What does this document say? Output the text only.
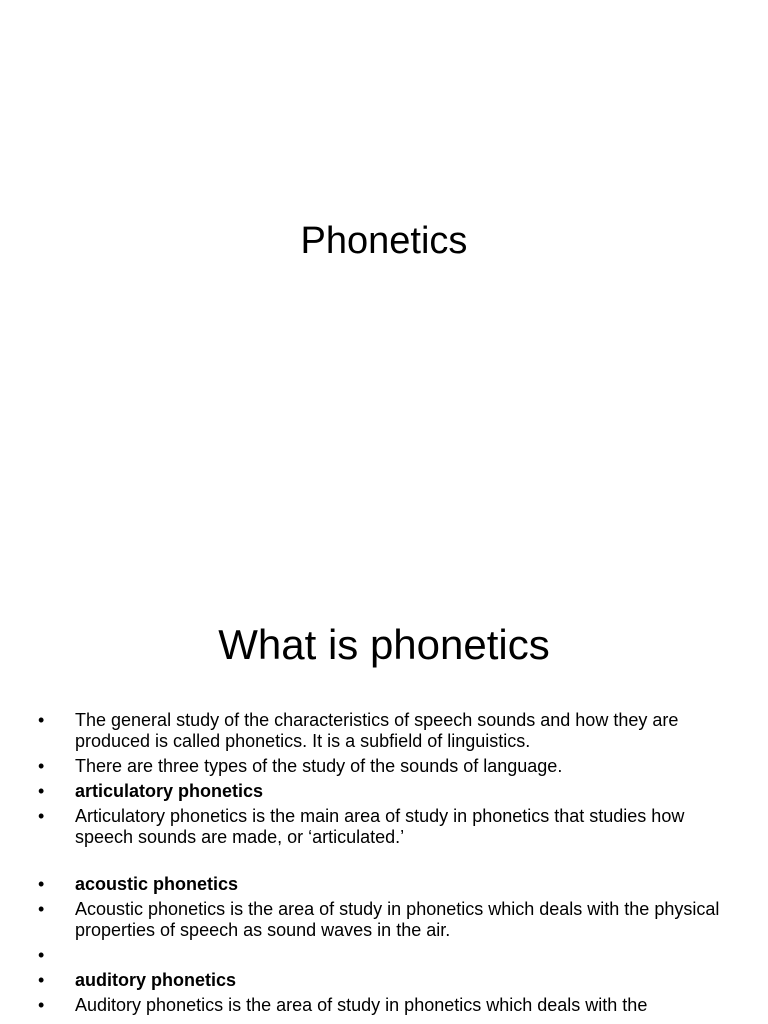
Phonetics
What is phonetics
•	The general study of the characteristics of speech sounds and how they are produced is called phonetics. It is a subfield of linguistics.
•	There are three types of the study of the sounds of language.
•	articulatory phonetics
•	Articulatory phonetics is the main area of study in phonetics that studies how speech sounds are made, or ‘articulated.’
•	acoustic phonetics
•	Acoustic phonetics is the area of study in phonetics which deals with the physical properties of speech as sound waves in the air.
•
•	auditory phonetics
•	Auditory phonetics is the area of study in phonetics which deals with the
